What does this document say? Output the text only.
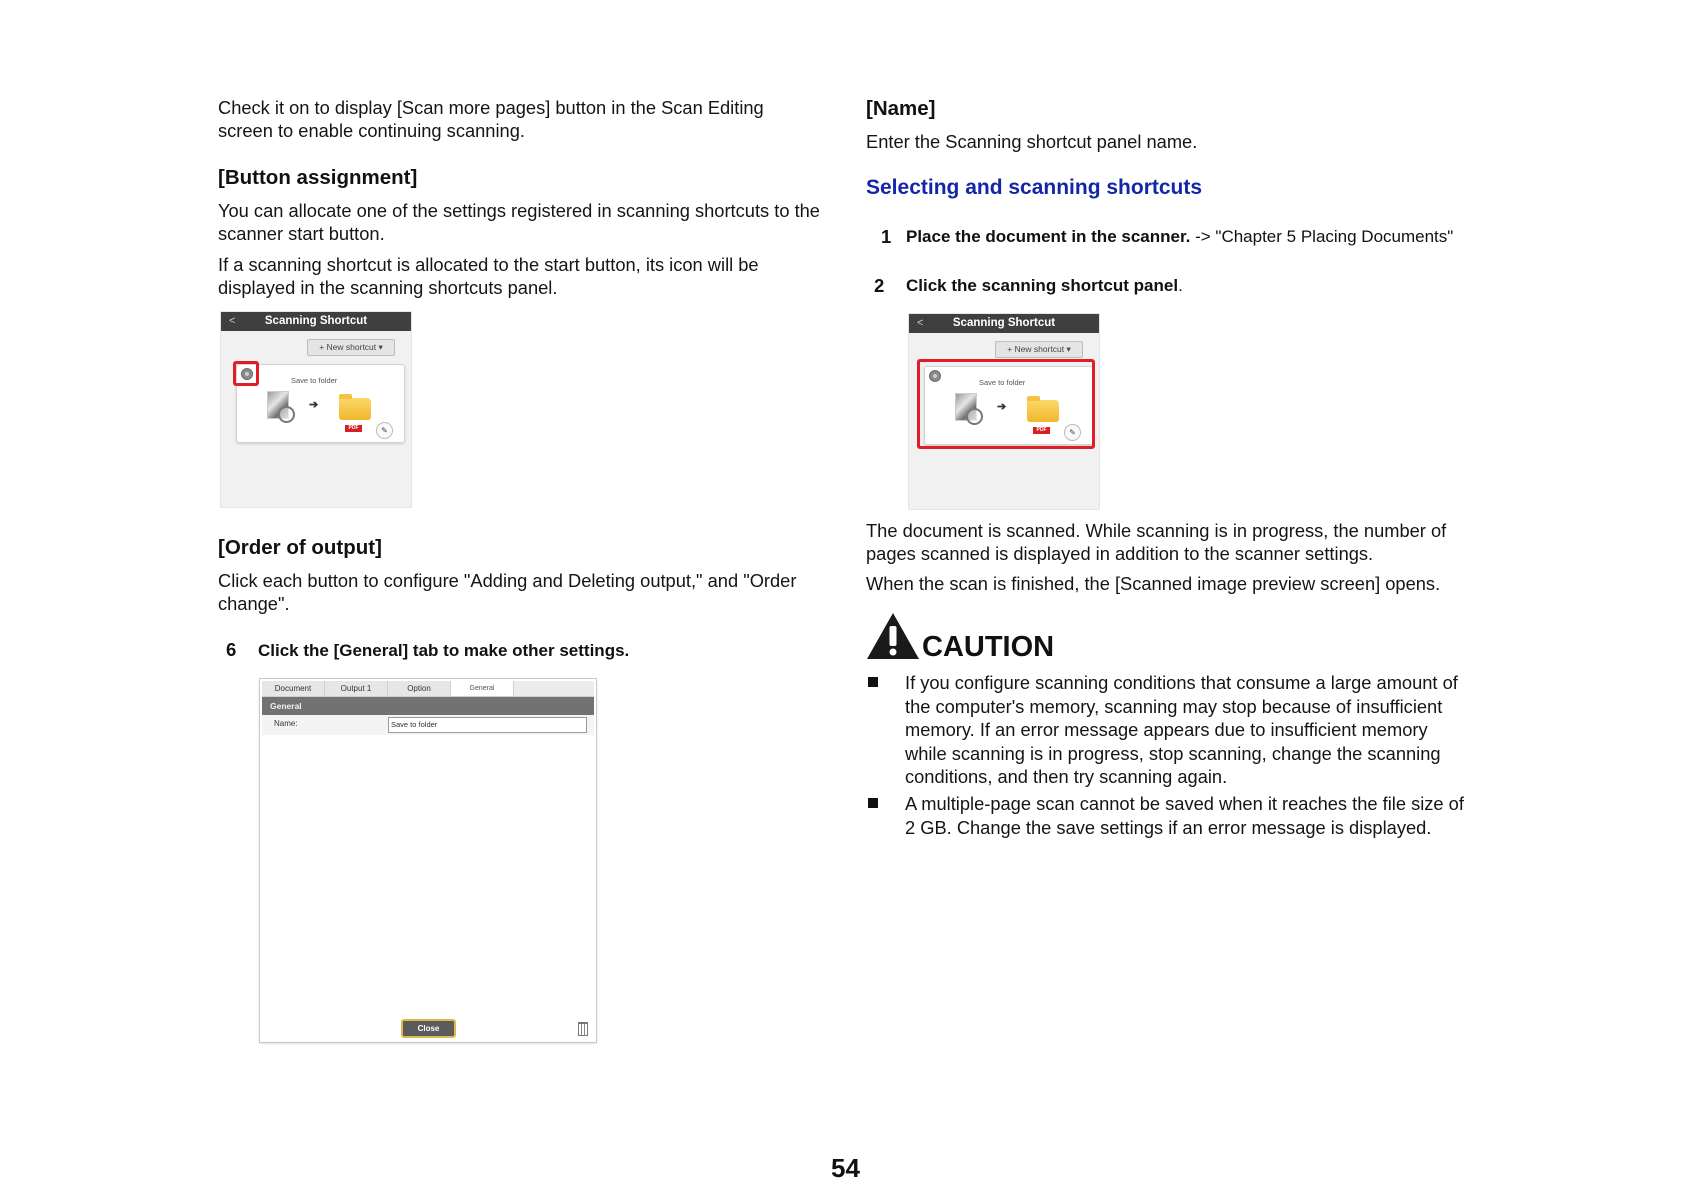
Check it on to display [Scan more pages] button in the Scan Editing

screen to enable continuing scanning.

[Button assignment]

You can allocate one of the settings registered in scanning shortcuts to the

scanner start button.

If a scanning shortcut is allocated to the start button, its icon will be

displayed in the scanning shortcuts panel.

<	Scanning Shortcut
+ New shortcut ▾
Save to folder
➔
PDF	✎
[Order of output]

Click each button to configure "Adding and Deleting output," and "Order

change".

6 Click the [General] tab to make other settings.
Document	Output 1	Option	General
General
Name:	Save to folder
Close
[Name]

Enter the Scanning shortcut panel name.

Selecting and scanning shortcuts
1 Place the document in the scanner. -> "Chapter 5 Placing Documents"
2 Click the scanning shortcut panel.
<	Scanning Shortcut
+ New shortcut ▾
Save to folder
➔
PDF	✎

The document is scanned. While scanning is in progress, the number of

pages scanned is displayed in addition to the scanner settings.

When the scan is finished, the [Scanned image preview screen] opens.

CAUTION

If you configure scanning conditions that consume a large amount of

the computer's memory, scanning may stop because of insufficient

memory. If an error message appears due to insufficient memory

while scanning is in progress, stop scanning, change the scanning

conditions, and then try scanning again.

A multiple-page scan cannot be saved when it reaches the file size of

2 GB. Change the save settings if an error message is displayed.

54
